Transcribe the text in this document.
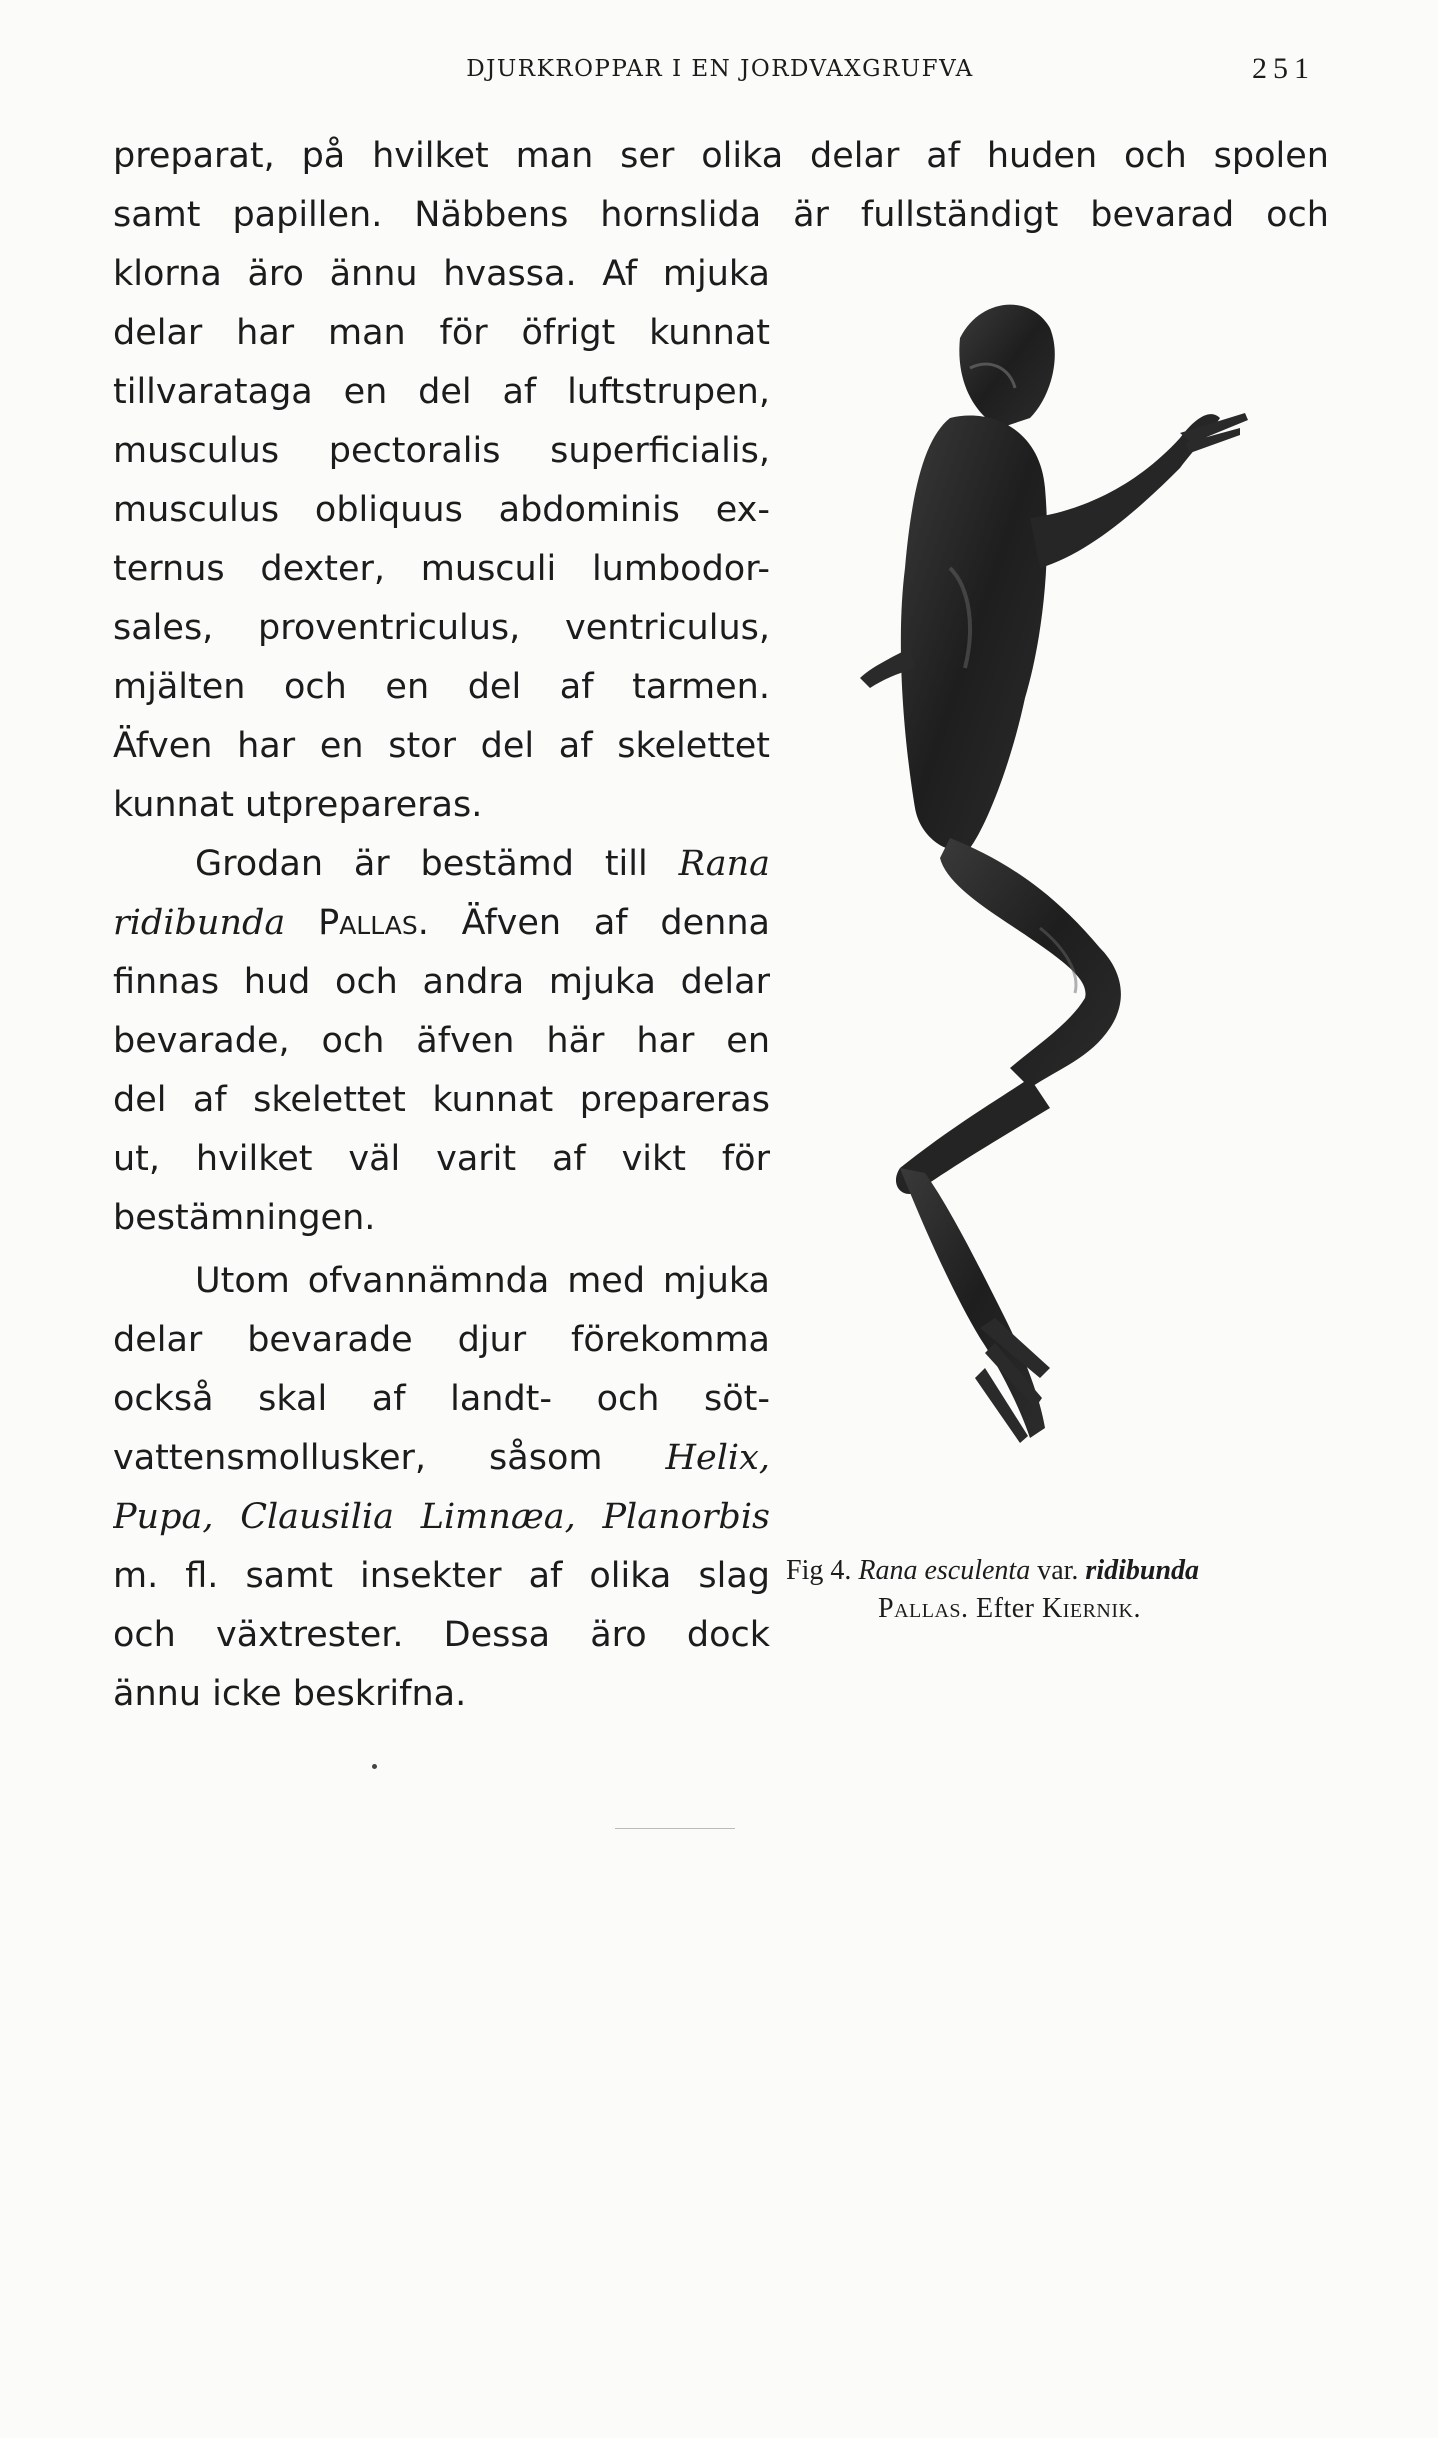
DJURKROPPAR I EN JORDVAXGRUFVA	251
preparat, på hvilket man ser olika delar af huden och spolen
samt papillen. Näbbens hornslida är fullständigt bevarad och
klorna äro ännu hvassa. Af mjuka
delar har man för öfrigt kunnat
tillvarataga en del af luftstrupen,
musculus pectoralis superficialis,
musculus obliquus abdominis ex-
ternus dexter, musculi lumbodor-
sales, proventriculus, ventriculus,
mjälten och en del af tarmen.
Äfven har en stor del af skelettet
kunnat utprepareras.
Grodan är bestämd till Rana
ridibunda Pallas. Äfven af denna
finnas hud och andra mjuka delar
bevarade, och äfven här har en
del af skelettet kunnat prepareras
ut, hvilket väl varit af vikt för
bestämningen.
Utom ofvannämnda med mjuka
delar bevarade djur förekomma
också skal af landt- och söt-
vattensmollusker, såsom Helix,
Pupa, Clausilia Limnæa, Planorbis
m. fl. samt insekter af olika slag
och växtrester. Dessa äro dock
ännu icke beskrifna.
Fig 4. Rana esculenta var. ridibunda
Pallas. Efter Kiernik.
